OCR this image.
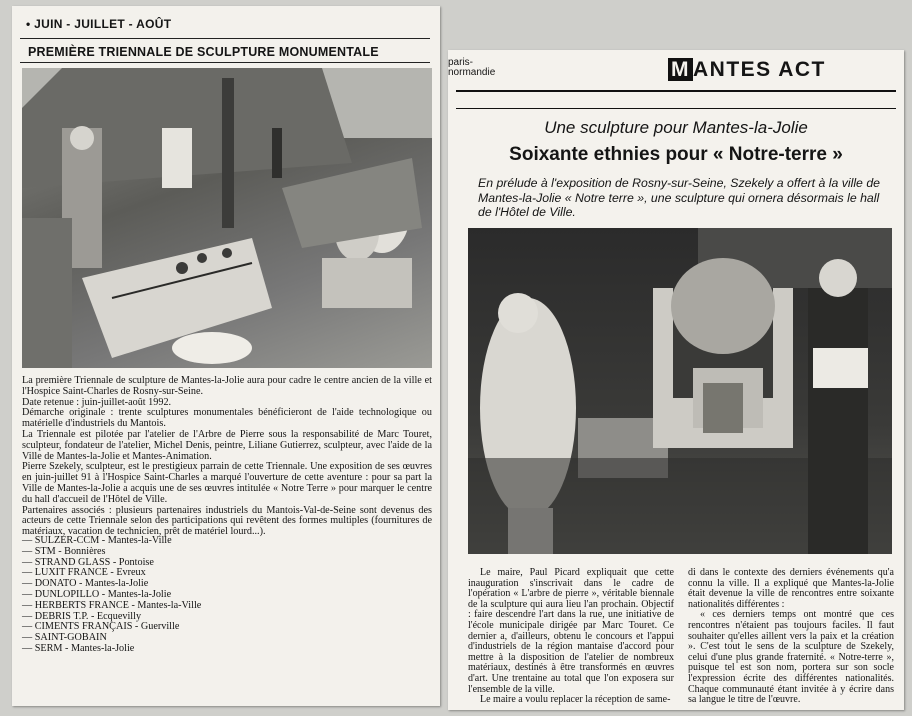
• JUIN - JUILLET - AOÛT
PREMIÈRE TRIENNALE DE SCULPTURE MONUMENTALE

La première Triennale de sculpture de Mantes-la-Jolie aura pour cadre le centre ancien de la ville et l'Hospice Saint-Charles de Rosny-sur-Seine.

Date retenue : juin-juillet-août 1992.

Démarche originale : trente sculptures monumentales bénéficieront de l'aide technologique ou matérielle d'industriels du Mantois.

La Triennale est pilotée par l'atelier de l'Arbre de Pierre sous la responsabilité de Marc Touret, sculpteur, fondateur de l'atelier, Michel Denis, peintre, Liliane Gutierrez, sculpteur, avec l'aide de la Ville de Mantes-la-Jolie et Mantes-Animation.

Pierre Szekely, sculpteur, est le prestigieux parrain de cette Triennale. Une exposition de ses œuvres en juin-juillet 91 à l'Hospice Saint-Charles a marqué l'ouverture de cette aventure : pour sa part la Ville de Mantes-la-Jolie a acquis une de ses œuvres intitulée « Notre Terre » pour marquer le centre du hall d'accueil de l'Hôtel de Ville.

Partenaires associés : plusieurs partenaires industriels du Mantois-Val-de-Seine sont devenus des acteurs de cette Triennale selon des participations qui revêtent des formes multiples (fournitures de matériaux, vacation de technicien, prêt de matériel lourd...).

— SULZER-CCM - Mantes-la-Ville
— STM - Bonnières
— STRAND GLASS - Pontoise
— LUXIT FRANCE - Evreux
— DONATO - Mantes-la-Jolie
— DUNLOPILLO - Mantes-la-Jolie
— HERBERTS FRANCE - Mantes-la-Ville
— DEBRIS T.P. - Ecquevilly
— CIMENTS FRANÇAIS - Guerville
— SAINT-GOBAIN
— SERM - Mantes-la-Jolie
paris-
normandie	M ANTES ACT
Une sculpture pour Mantes-la-Jolie
Soixante ethnies pour « Notre-terre »
En prélude à l'exposition de Rosny-sur-Seine, Szekely a offert à la ville de Mantes-la-Jolie « Notre terre », une sculpture qui ornera désormais le hall de l'Hôtel de Ville.

Le maire, Paul Picard expliquait que cette inauguration s'inscrivait dans le cadre de l'opération « L'arbre de pierre », véritable biennale de la sculpture qui aura lieu l'an prochain. Objectif : faire descendre l'art dans la rue, une initiative de l'école municipale dirigée par Marc Touret. Ce dernier a, d'ailleurs, obtenu le concours et l'appui d'industriels de la région mantaise d'accord pour mettre à la disposition de l'atelier de nombreux matériaux, destinés à être transformés en œuvres d'art. Une trentaine au total que l'on exposera sur l'ensemble de la ville.

Le maire a voulu replacer la réception de same-

di dans le contexte des derniers événements qu'a connu la ville. Il a expliqué que Mantes-la-Jolie était devenue la ville de rencontres entre soixante nationalités différentes :

« ces derniers temps ont montré que ces rencontres n'étaient pas toujours faciles. Il faut souhaiter qu'elles aillent vers la paix et la création ». C'est tout le sens de la sculpture de Szekely, celui d'une plus grande fraternité. « Notre-terre », puisque tel est son nom, portera sur son socle l'expression écrite des différentes nationalités. Chaque communauté étant invitée à y écrire dans sa langue le titre de l'œuvre.
